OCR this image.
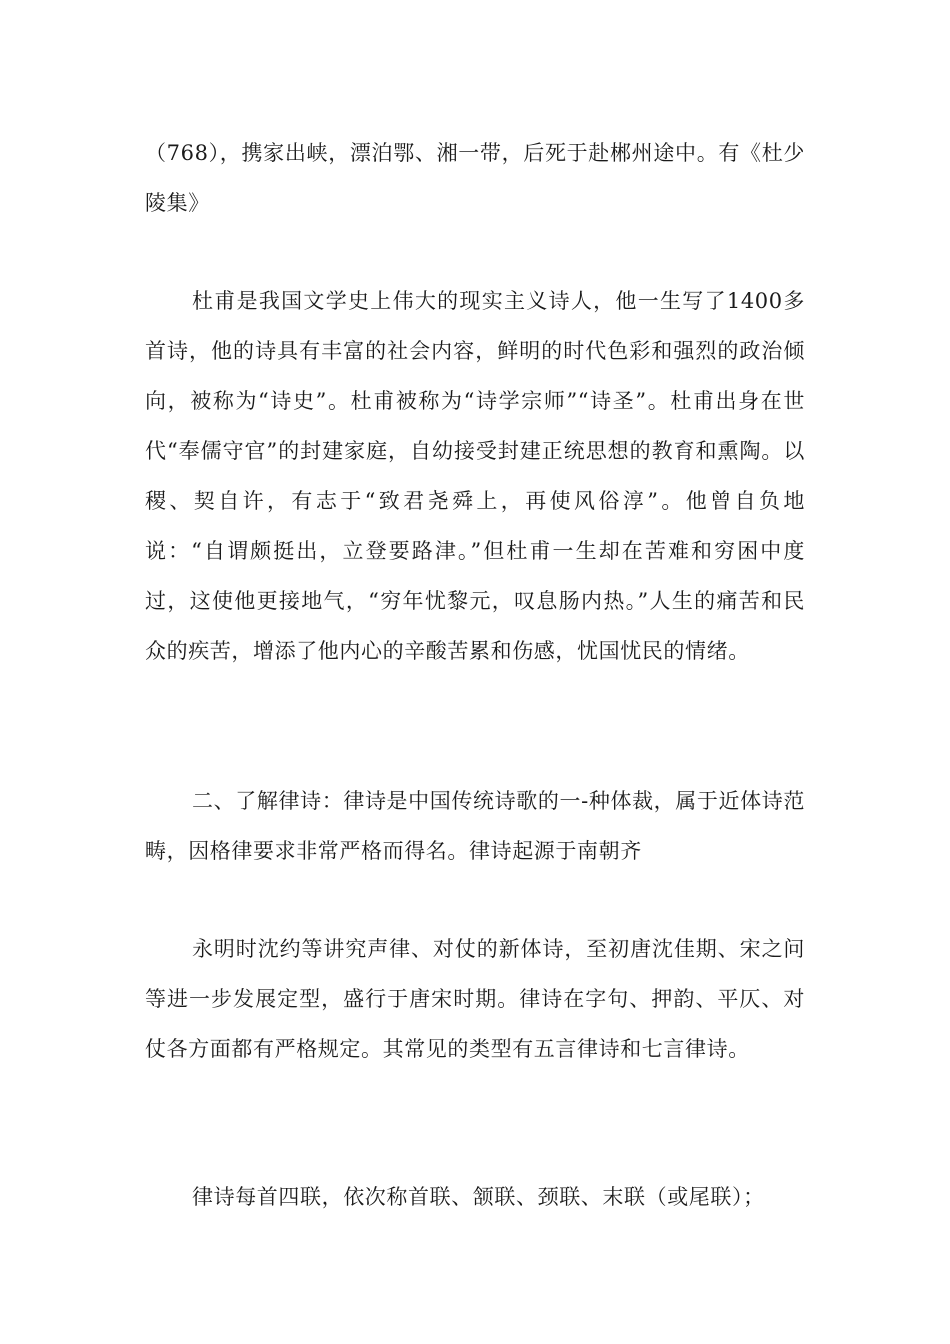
（768），携家出峡，漂泊鄂、湘一带，后死于赴郴州途中。有《杜少陵集》

杜甫是我国文学史上伟大的现实主义诗人，他一生写了1400多首诗，他的诗具有丰富的社会内容，鲜明的时代色彩和强烈的政治倾向，被称为“诗史”。杜甫被称为“诗学宗师”“诗圣”。杜甫出身在世代“奉儒守官”的封建家庭，自幼接受封建正统思想的教育和熏陶。以稷、契自许，有志于“致君尧舜上，再使风俗淳”。他曾自负地说：“自谓颇挺出，立登要路津。”但杜甫一生却在苦难和穷困中度过，这使他更接地气，“穷年忧黎元，叹息肠内热。”人生的痛苦和民众的疾苦，增添了他内心的辛酸苦累和伤感，忧国忧民的情绪。

二、了解律诗：律诗是中国传统诗歌的一-种体裁，属于近体诗范畴，因格律要求非常严格而得名。律诗起源于南朝齐

永明时沈约等讲究声律、对仗的新体诗，至初唐沈佳期、宋之问等进一步发展定型，盛行于唐宋时期。律诗在字句、押韵、平仄、对仗各方面都有严格规定。其常见的类型有五言律诗和七言律诗。

律诗每首四联，依次称首联、颔联、颈联、末联（或尾联）；
